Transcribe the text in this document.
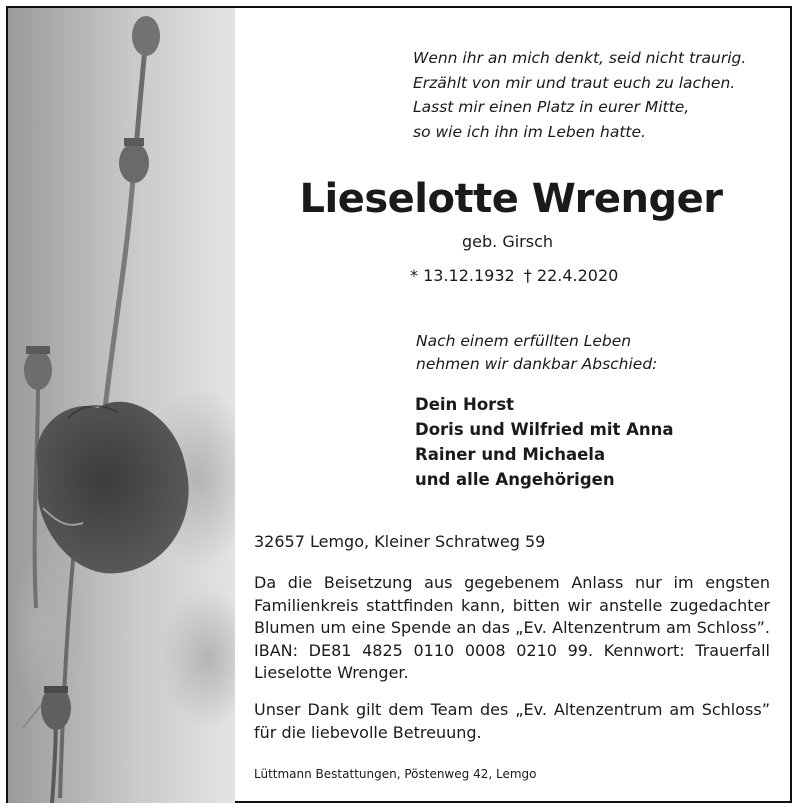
Wenn ihr an mich denkt, seid nicht traurig.
Erzählt von mir und traut euch zu lachen.
Lasst mir einen Platz in eurer Mitte,
so wie ich ihn im Leben hatte.
Lieselotte Wrenger
geb. Girsch
* 13.12.1932 † 22.4.2020
Nach einem erfüllten Leben
nehmen wir dankbar Abschied:
Dein Horst
Doris und Wilfried mit Anna
Rainer und Michaela
und alle Angehörigen
32657 Lemgo, Kleiner Schratweg 59

Da die Beisetzung aus gegebenem Anlass nur im engsten Familienkreis stattfinden kann, bitten wir anstelle zugedachter Blumen um eine Spende an das „Ev. Altenzentrum am Schloss”. IBAN: DE81 4825 0110 0008 0210 99. Kennwort: Trauerfall Lieselotte Wrenger.

Unser Dank gilt dem Team des „Ev. Altenzentrum am Schloss” für die liebevolle Betreuung.

Lüttmann Bestattungen, Pöstenweg 42, Lemgo
